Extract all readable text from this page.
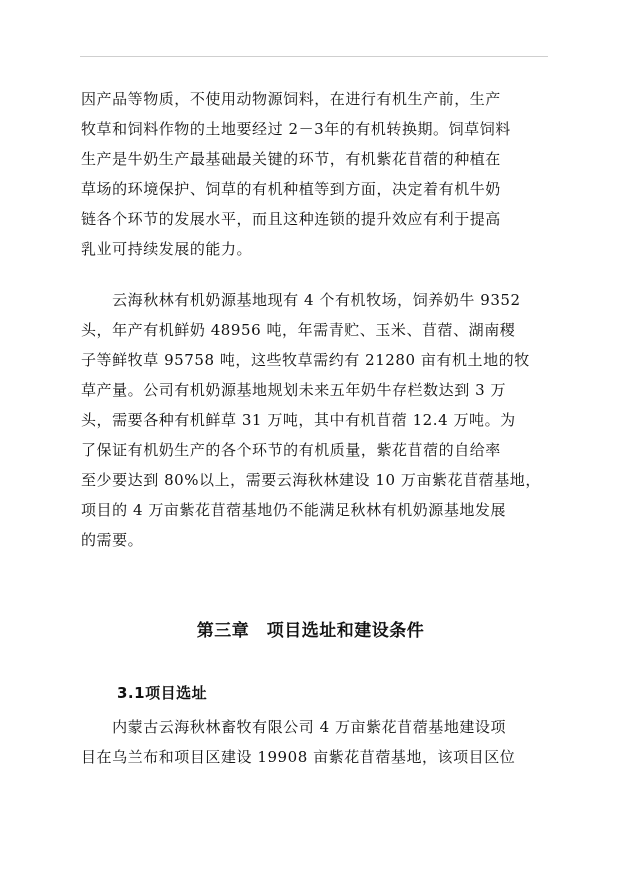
因产品等物质，不使用动物源饲料，在进行有机生产前，生产
牧草和饲料作物的土地要经过 2－3年的有机转换期。饲草饲料
生产是牛奶生产最基础最关键的环节，有机紫花苜蓿的种植在
草场的环境保护、饲草的有机种植等到方面，决定着有机牛奶
链各个环节的发展水平，而且这种连锁的提升效应有利于提高
乳业可持续发展的能力。
　　云海秋林有机奶源基地现有 4 个有机牧场，饲养奶牛 9352
头，年产有机鲜奶 48956 吨，年需青贮、玉米、苜蓿、湖南稷
子等鲜牧草 95758 吨，这些牧草需约有 21280 亩有机土地的牧
草产量。公司有机奶源基地规划未来五年奶牛存栏数达到 3 万
头，需要各种有机鲜草 31 万吨，其中有机苜蓿 12.4 万吨。为
了保证有机奶生产的各个环节的有机质量，紫花苜蓿的自给率
至少要达到 80%以上，需要云海秋林建设 10 万亩紫花苜蓿基地，
项目的 4 万亩紫花苜蓿基地仍不能满足秋林有机奶源基地发展
的需要。
第三章　项目选址和建设条件
3.1项目选址
　　内蒙古云海秋林畜牧有限公司 4 万亩紫花苜蓿基地建设项
目在乌兰布和项目区建设 19908 亩紫花苜蓿基地，该项目区位
